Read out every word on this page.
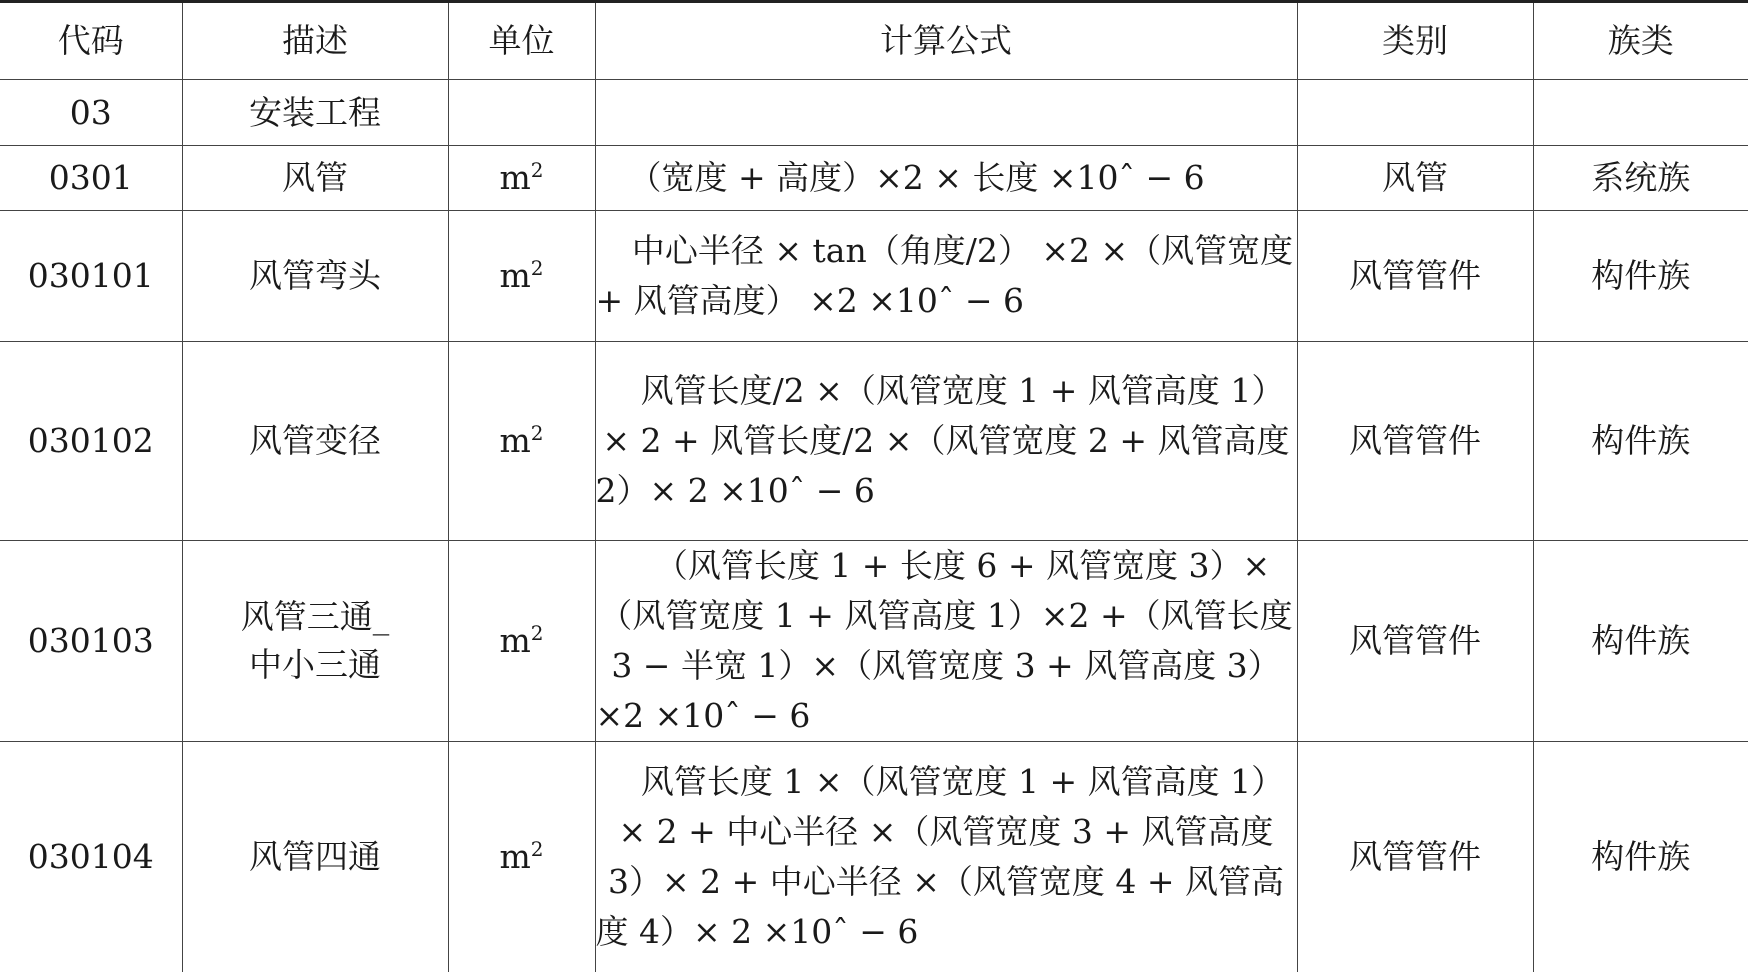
代码	描述	单位	计算公式	类别	族类
03	安装工程				
0301	风管	$m^2$	（宽度 + 高度）×2 × 长度 ×10ˆ − 6	风管	系统族
030101	风管弯头	$m^2$	中心半径 × tan（角度/2） ×2 ×（风管宽度 + 风管高度） ×2 ×10ˆ − 6	风管管件	构件族
030102	风管变径	$m^2$	风管长度/2 ×（风管宽度 1 + 风管高度 1）× 2 + 风管长度/2 ×（风管宽度 2 + 风管高度 2）× 2 ×10ˆ − 6	风管管件	构件族
030103	风管三通_
中小三通	$m^2$	（风管长度 1 + 长度 6 + 风管宽度 3）×（风管宽度 1 + 风管高度 1）×2 +（风管长度 3 − 半宽 1）×（风管宽度 3 + 风管高度 3）×2 ×10ˆ − 6	风管管件	构件族
030104	风管四通	$m^2$	风管长度 1 ×（风管宽度 1 + 风管高度 1）× 2 + 中心半径 ×（风管宽度 3 + 风管高度 3）× 2 + 中心半径 ×（风管宽度 4 + 风管高度 4）× 2 ×10ˆ − 6	风管管件	构件族
